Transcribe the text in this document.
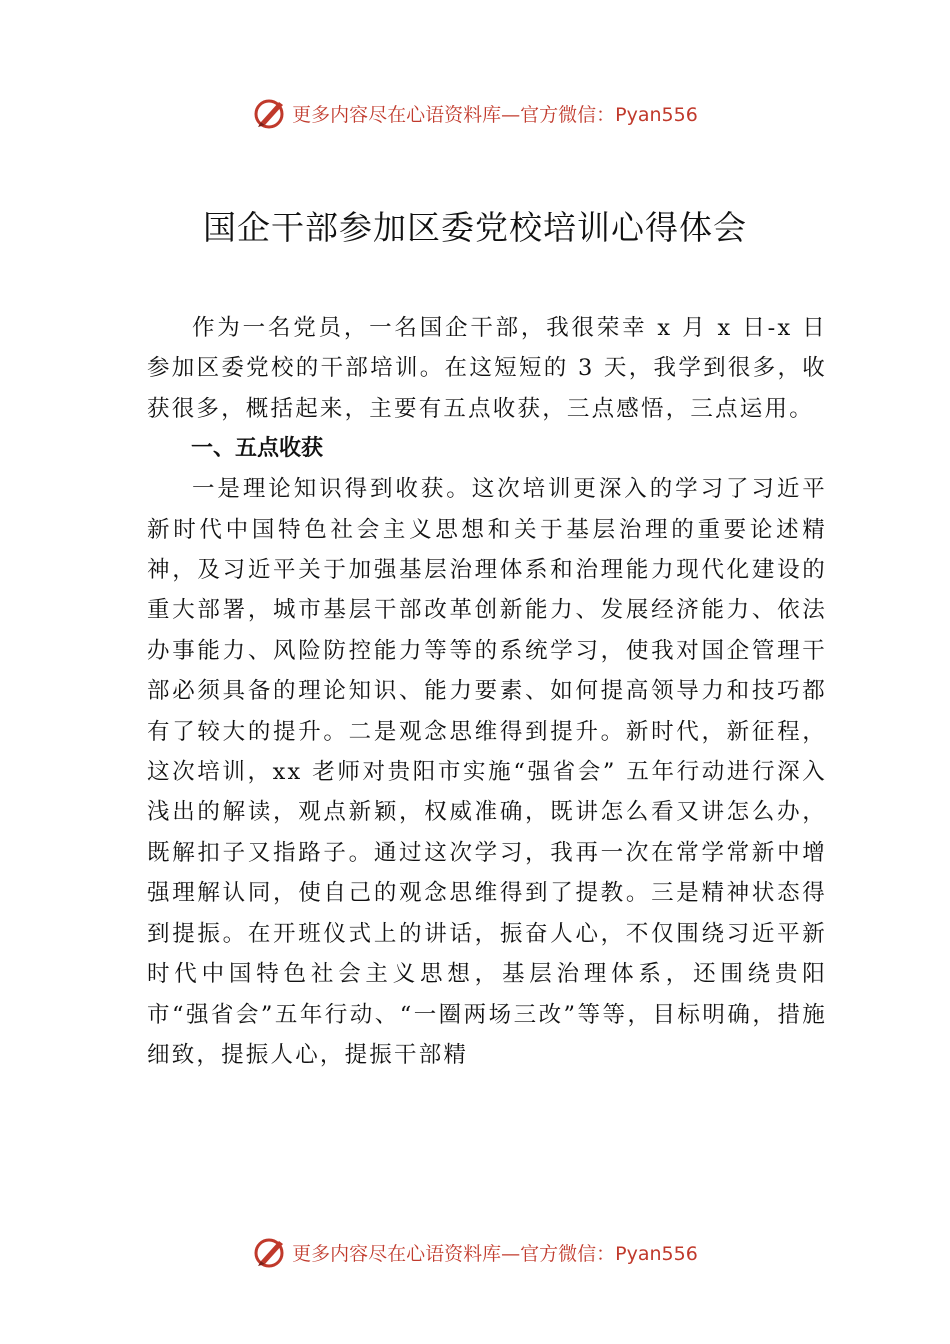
更多内容尽在心语资料库—官方微信：Pyan556
国企干部参加区委党校培训心得体会

作为一名党员，一名国企干部，我很荣幸 x 月 x 日-x 日参加区委党校的干部培训。在这短短的 3 天，我学到很多，收获很多，概括起来，主要有五点收获，三点感悟，三点运用。

一、五点收获

一是理论知识得到收获。这次培训更深入的学习了习近平新时代中国特色社会主义思想和关于基层治理的重要论述精神，及习近平关于加强基层治理体系和治理能力现代化建设的重大部署，城市基层干部改革创新能力、发展经济能力、依法办事能力、风险防控能力等等的系统学习，使我对国企管理干部必须具备的理论知识、能力要素、如何提高领导力和技巧都有了较大的提升。二是观念思维得到提升。新时代，新征程，这次培训，xx 老师对贵阳市实施“强省会” 五年行动进行深入浅出的解读，观点新颖，权威准确，既讲怎么看又讲怎么办，既解扣子又指路子。通过这次学习，我再一次在常学常新中增强理解认同，使自己的观念思维得到了提教。三是精神状态得到提振。在开班仪式上的讲话，振奋人心，不仅围绕习近平新时代中国特色社会主义思想，基层治理体系，还围绕贵阳市“强省会”五年行动、“一圈两场三改”等等，目标明确，措施细致，提振人心，提振干部精

更多内容尽在心语资料库—官方微信：Pyan556
